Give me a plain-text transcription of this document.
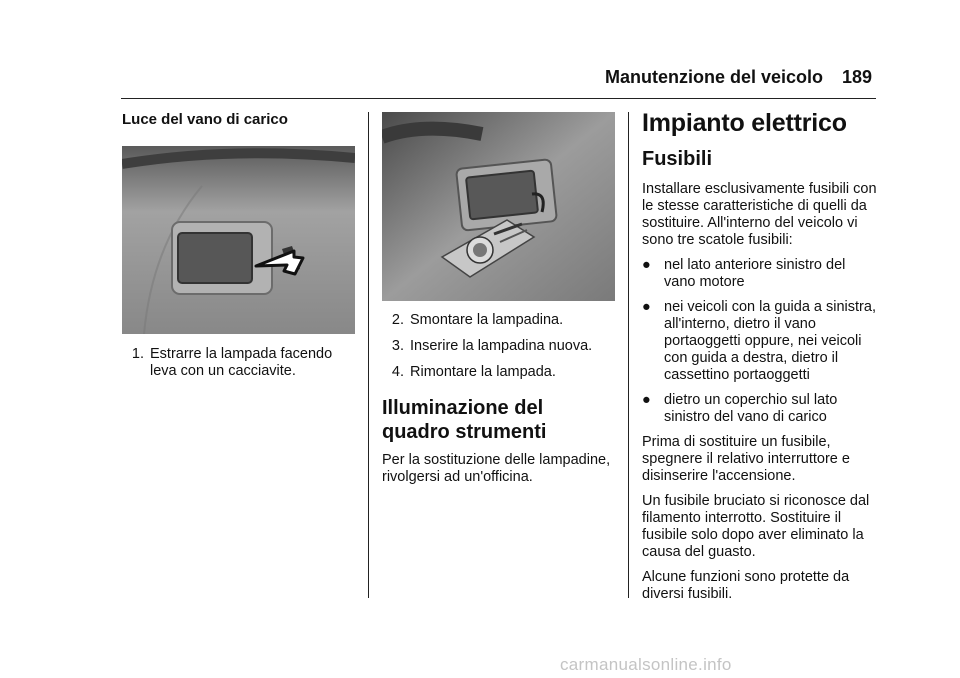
Manutenzione del veicolo 189
Luce del vano di carico
1. Estrarre la lampada facendo leva con un cacciavite.
2. Smontare la lampadina.
3. Inserire la lampadina nuova.
4. Rimontare la lampada.
Illuminazione del quadro strumenti

Per la sostituzione delle lampadine, rivolgersi ad un'officina.

Impianto elettrico
Fusibili

Installare esclusivamente fusibili con le stesse caratteristiche di quelli da sostituire. All'interno del veicolo vi sono tre scatole fusibili:

● nel lato anteriore sinistro del vano motore
● nei veicoli con la guida a sinistra, all'interno, dietro il vano portaoggetti oppure, nei veicoli con guida a destra, dietro il cassettino portaoggetti
● dietro un coperchio sul lato sinistro del vano di carico

Prima di sostituire un fusibile, spegnere il relativo interruttore e disinserire l'accensione.

Un fusibile bruciato si riconosce dal filamento interrotto. Sostituire il fusibile solo dopo aver eliminato la causa del guasto.

Alcune funzioni sono protette da diversi fusibili.

carmanualsonline.info
